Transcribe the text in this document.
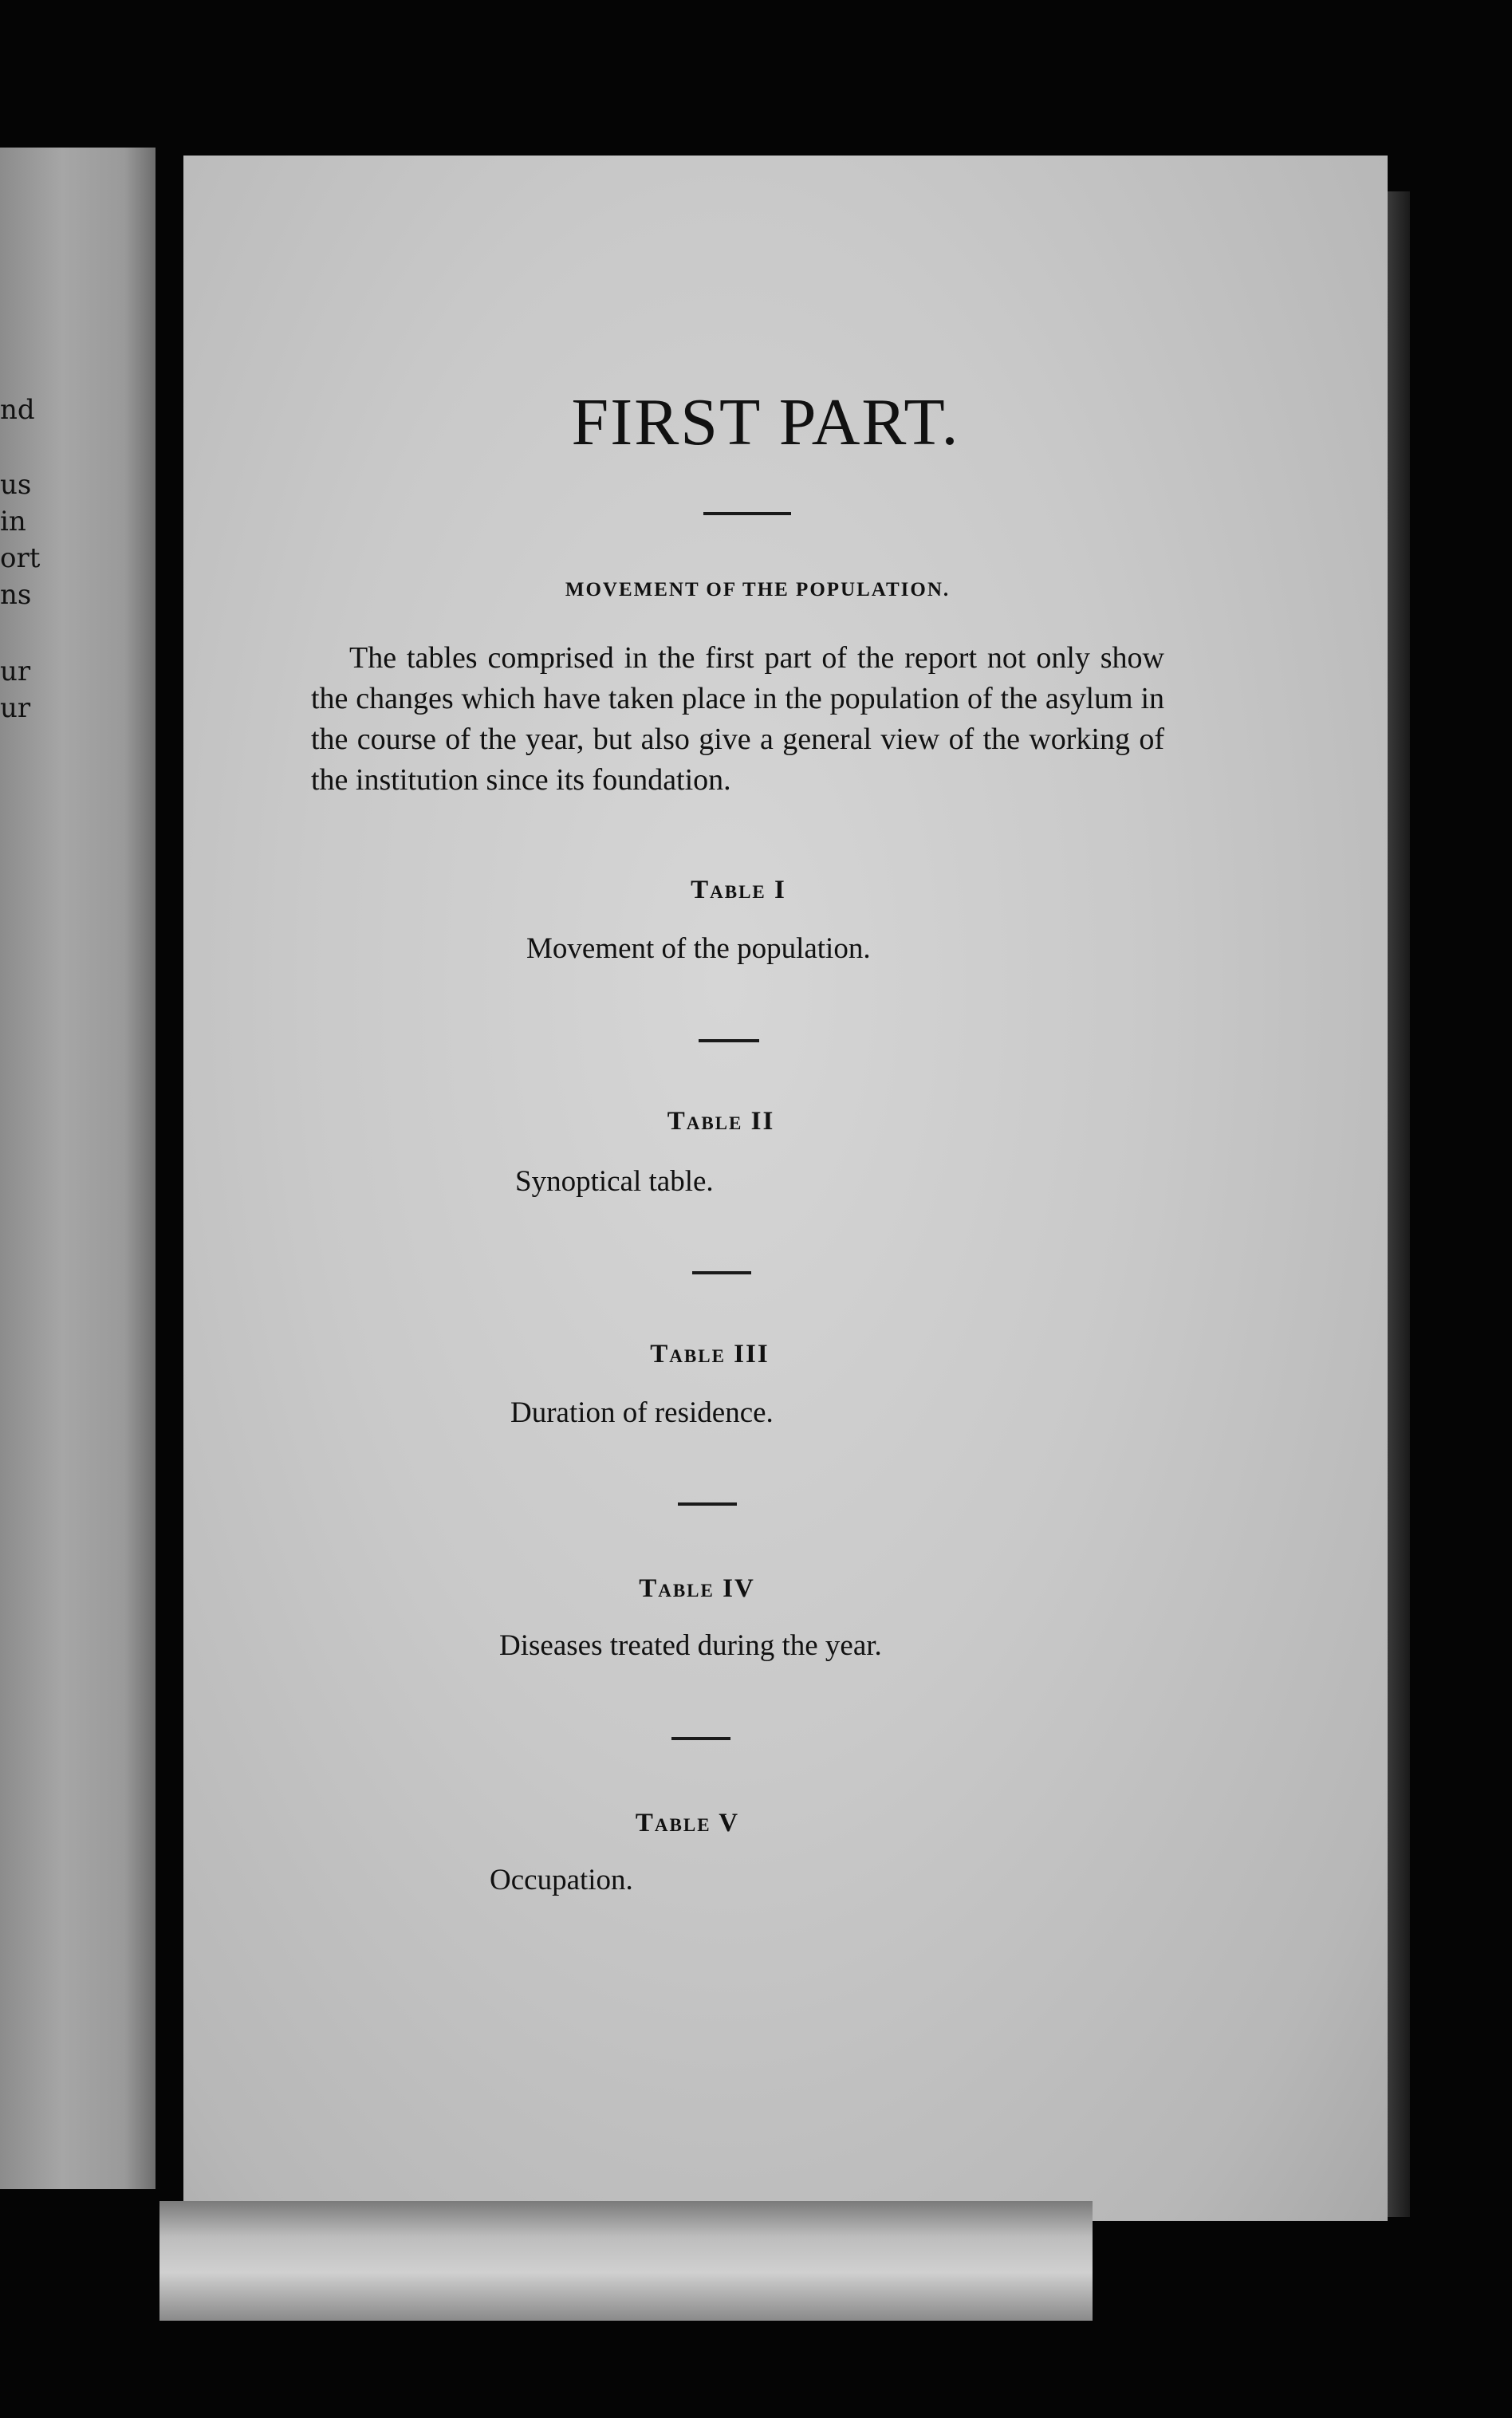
nd
us
in
ort
ns
ur
ur
FIRST PART.
MOVEMENT OF THE POPULATION.

The tables comprised in the first part of the report not only show the changes which have taken place in the population of the asylum in the course of the year, but also give a general view of the working of the institution since its foundation.

Table I

Movement of the population.

Table II

Synoptical table.

Table III

Duration of residence.

Table IV

Diseases treated during the year.

Table V

Occupation.
